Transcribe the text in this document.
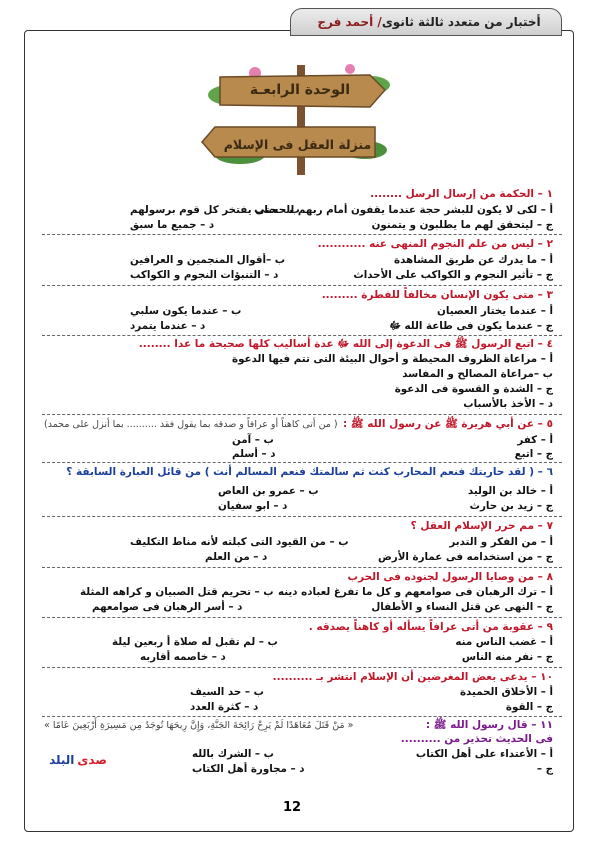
أختبار من متعدد ثالثة ثانوى
/ أحمد فرج
الوحدة الرابعـة
منزلة العقل فى الإسلام
١ – الحكمة من إرسال الرسل ........
أ – لكى لا يكون للبشر حجة عندما يقفون أمام ربهم للحساب
ب – حتى يفتخر كل قوم برسولهم
ج – ليتحقق لهم ما يطلبون و يتمنون
د – جميع ما سبق
٢ – ليس من علم النجوم المنهى عنه ............
أ – ما يدرك عن طريق المشاهدة
ب –أقوال المنجمين و العرافين
ج – تأثير النجوم و الكواكب على الأحداث
د – التنبؤات النجوم و الكواكب
٣ – متى يكون الإنسان مخالفاً للفطرة .........
أ – عندما يختار العصيان
ب – عندما يكون سلبي
ج – عندما يكون فى طاعة الله ﷻ
د – عندما يتمرد
٤ – اتبع الرسول ﷺ فى الدعوة إلى الله ﷻ عدة أساليب كلها صحيحة ما عدا ........
أ – مراعاة الظروف المحيطة و أحوال البيئة التى تتم فيها الدعوة
ب –مراعاة المصالح و المفاسد
ج – الشدة و القسوة فى الدعوة
د – الأخذ بالأسباب
٥ – عن أبي هريرة ﷺ عن رسول الله ﷺ :
( من أتى كاهناً أو عرافاً و صدقه بما يقول فقد .......... بما أنزل على محمد)
أ – كفر
ب – آمن
ج – اتبع
د – أسلم
٦ – ( لقد حاربتك فنعم المحارب كنت ثم سالمتك فنعم المسالم أنت ) من قائل العبارة السابقة ؟
أ – خالد بن الوليد
ب – عمرو بن العاص
ج – زيد بن حارث
د – ابو سفيان
٧ – مم حرر الإسلام العقل ؟
أ – من الفكر و التدبر
ب – من القيود التى كبلته لأنه مناط التكليف
ج – من استخدامه فى عمارة الأرض
د – من العلم
٨ – من وصايا الرسول لجنوده فى الحرب
أ – ترك الرهبان فى صوامعهم و كل ما تفرغ لعباده دينه
ب – تحريم قتل الصبيان و كراهه المثلة
ج – النهى عن قتل النساء و الأطفال
د – أسر الرهبان فى صوامعهم
٩ – عقوبة من أتى عرافاً يسأله أو كاهناً يصدقه .
أ – غضب الناس منه
ب – لم تقبل له صلاة أ ربعين ليلة
ج – نفر منه الناس
د – خاصمه أقاربه
١٠ – يدعى بعض المغرضين أن الإسلام انتشر بـ ..........
أ – الأخلاق الحميدة
ب – حد السيف
ج – القوة
د – كثرة العدد
١١ – قال رسول الله ﷺ :
« مَنْ قَتَلَ مُعَاهَدًا لَمْ يَرِحْ رَائِحَةَ الجَنَّةِ، وَإِنَّ رِيحَهَا تُوجَدُ مِن مَسِيرَةِ أَرْبَعِينَ عَامًا »
فى الحديث تحذير من ..........
أ – الأعتداء على أهل الكتاب
ب – الشرك بالله
ج –
د – مجاورة أهل الكتاب
صدى
البلد
12
